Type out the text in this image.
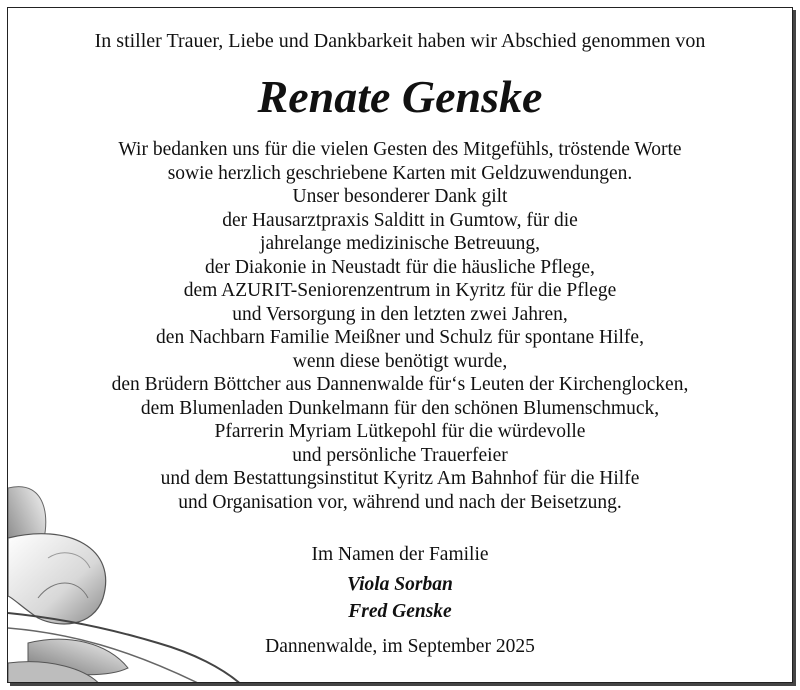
In stiller Trauer, Liebe und Dankbarkeit haben wir Abschied genommen von
Renate Genske
Wir bedanken uns für die vielen Gesten des Mitgefühls, tröstende Worte
sowie herzlich geschriebene Karten mit Geldzuwendungen.
Unser besonderer Dank gilt
der Hausarztpraxis Salditt in Gumtow, für die
jahrelange medizinische Betreuung,
der Diakonie in Neustadt für die häusliche Pflege,
dem AZURIT-Seniorenzentrum in Kyritz für die Pflege
und Versorgung in den letzten zwei Jahren,
den Nachbarn Familie Meißner und Schulz für spontane Hilfe,
wenn diese benötigt wurde,
den Brüdern Böttcher aus Dannenwalde für‘s Leuten der Kirchenglocken,
dem Blumenladen Dunkelmann für den schönen Blumenschmuck,
Pfarrerin Myriam Lütkepohl für die würdevolle
und persönliche Trauerfeier
und dem Bestattungsinstitut Kyritz Am Bahnhof für die Hilfe
und Organisation vor, während und nach der Beisetzung.
Im Namen der Familie
Viola Sorban
Fred Genske
Dannenwalde, im September 2025
